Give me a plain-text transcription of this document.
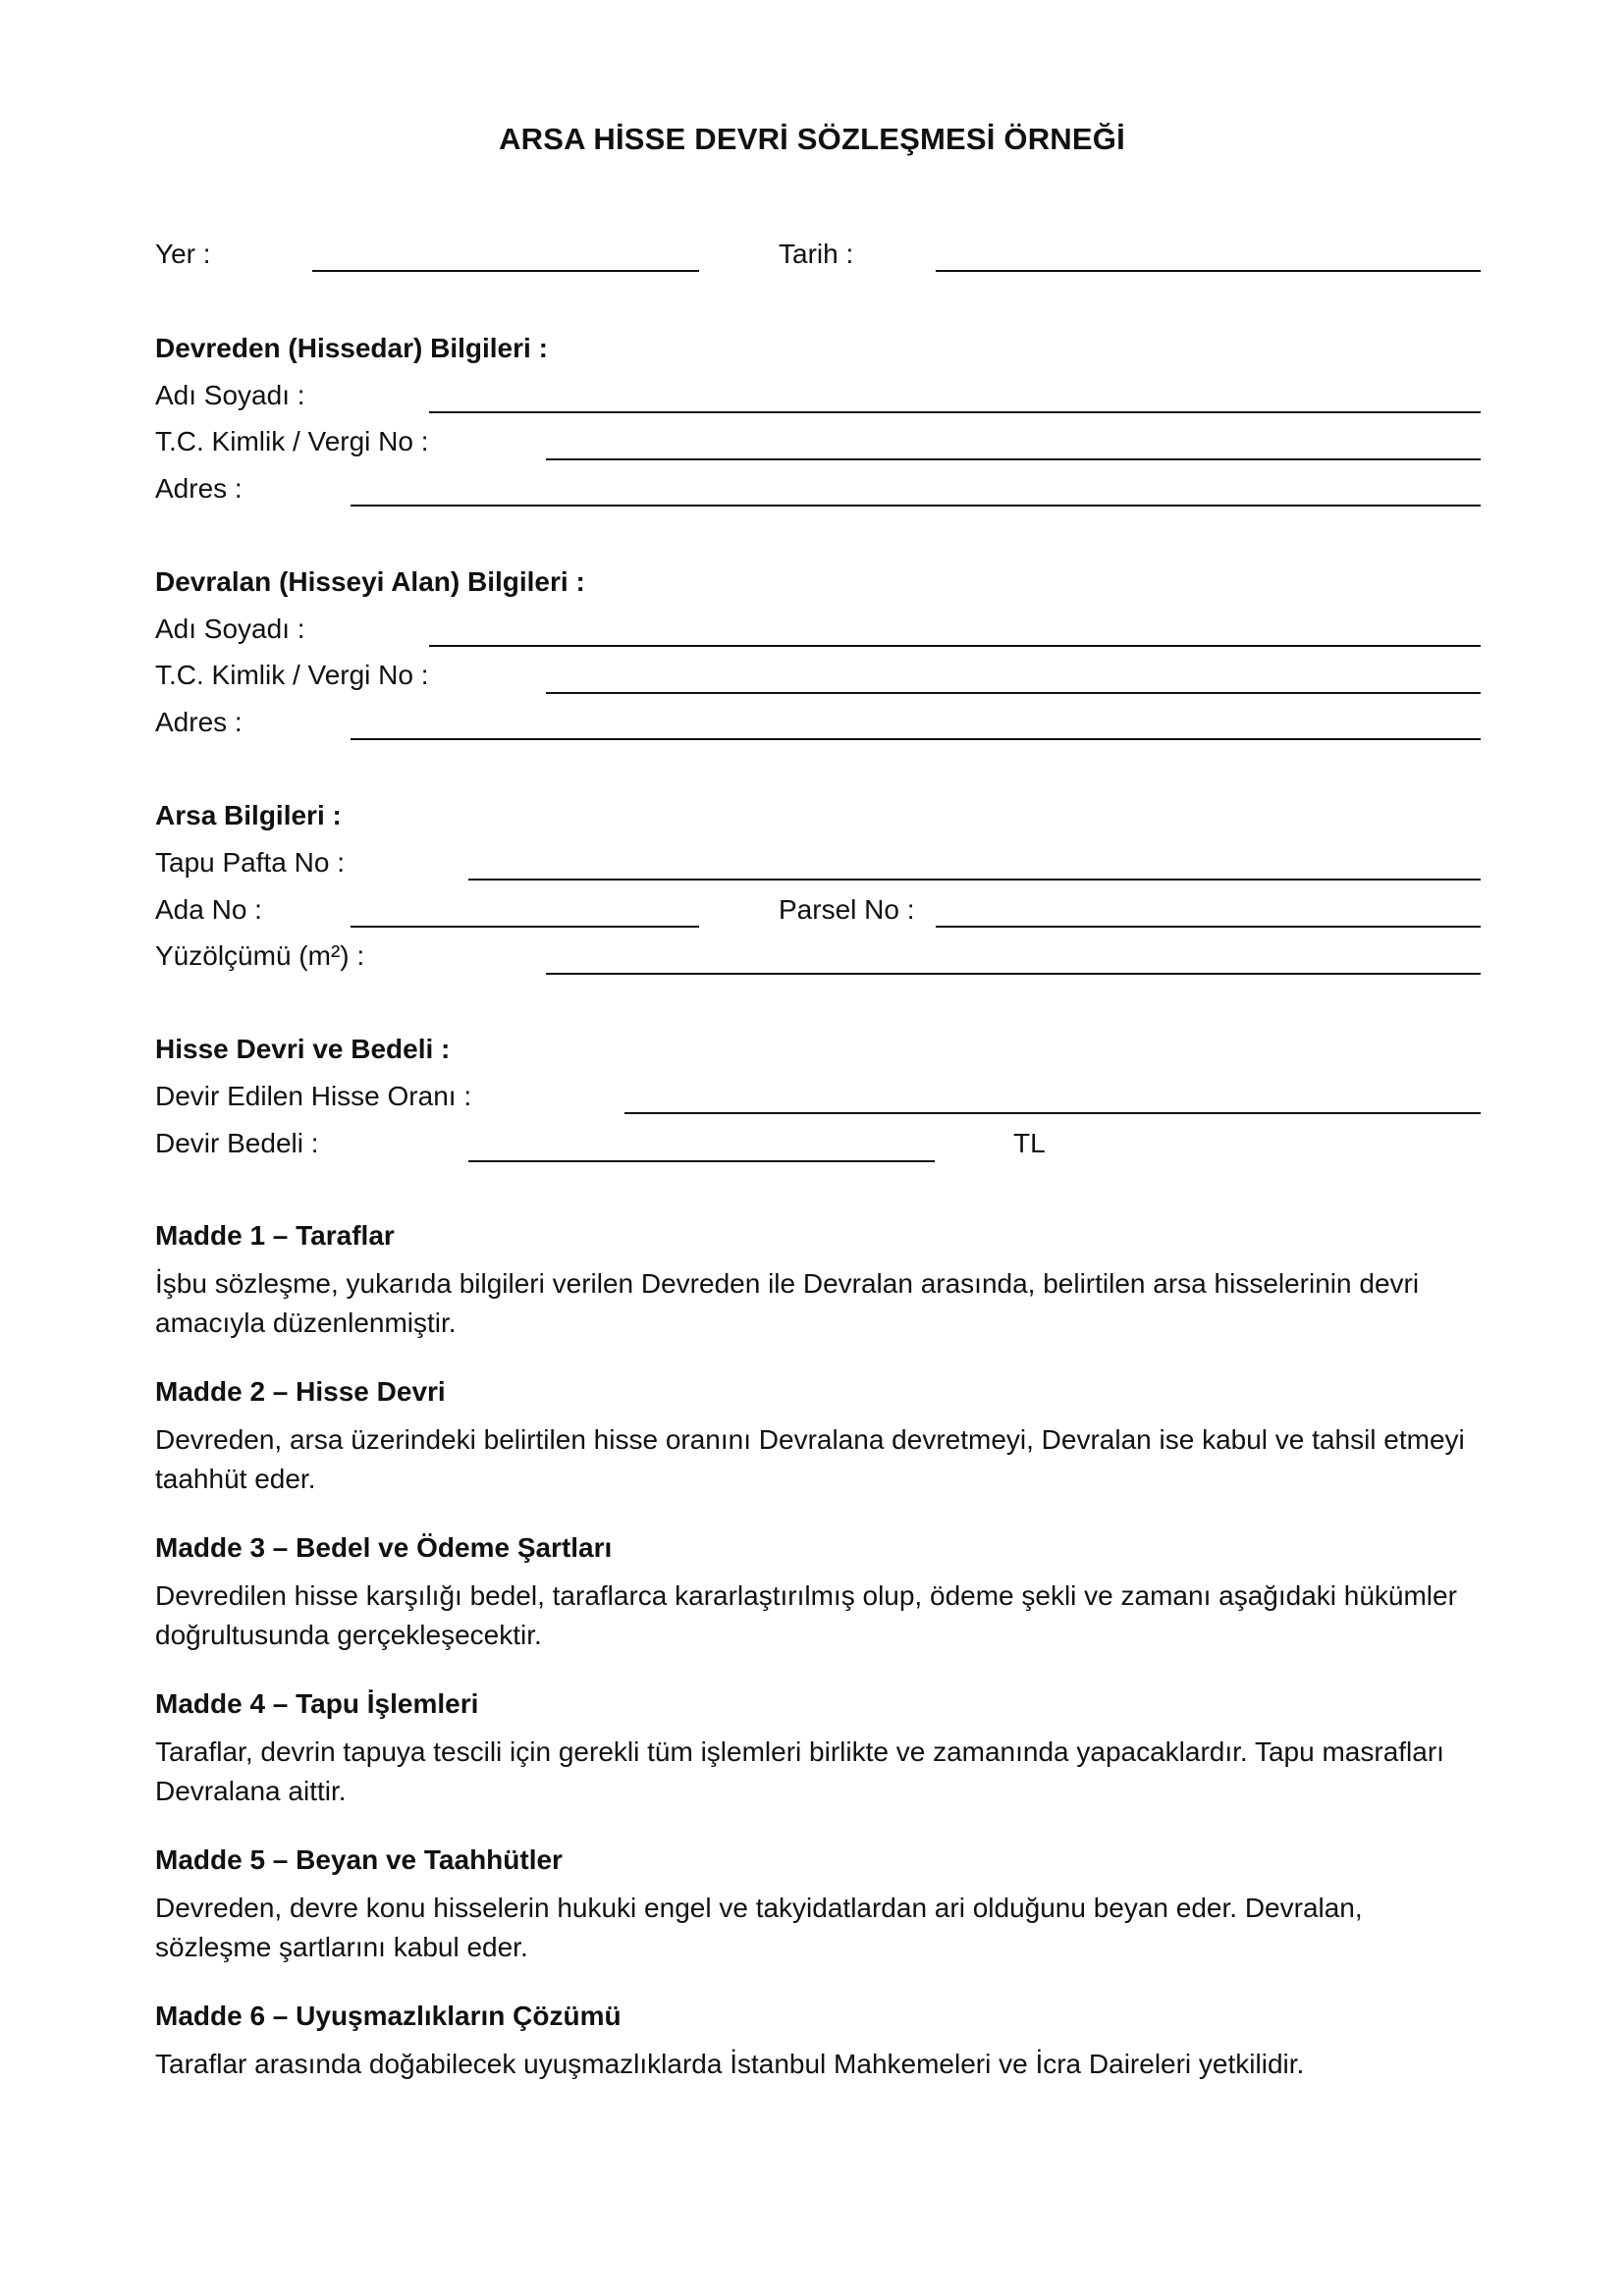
ARSA HİSSE DEVRİ SÖZLEŞMESİ ÖRNEĞİ
Yer :	Tarih :
Devreden (Hissedar) Bilgileri :
Adı Soyadı :
T.C. Kimlik / Vergi No :
Adres :
Devralan (Hisseyi Alan) Bilgileri :
Adı Soyadı :
T.C. Kimlik / Vergi No :
Adres :
Arsa Bilgileri :
Tapu Pafta No :
Ada No :	Parsel No :
Yüzölçümü (m²) :
Hisse Devri ve Bedeli :
Devir Edilen Hisse Oranı :
Devir Bedeli :	TL
Madde 1 – Taraflar
İşbu sözleşme, yukarıda bilgileri verilen Devreden ile Devralan arasında, belirtilen arsa hisselerinin devri
amacıyla düzenlenmiştir.
Madde 2 – Hisse Devri
Devreden, arsa üzerindeki belirtilen hisse oranını Devralana devretmeyi, Devralan ise kabul ve tahsil etmeyi
taahhüt eder.
Madde 3 – Bedel ve Ödeme Şartları
Devredilen hisse karşılığı bedel, taraflarca kararlaştırılmış olup, ödeme şekli ve zamanı aşağıdaki hükümler
doğrultusunda gerçekleşecektir.
Madde 4 – Tapu İşlemleri
Taraflar, devrin tapuya tescili için gerekli tüm işlemleri birlikte ve zamanında yapacaklardır. Tapu masrafları
Devralana aittir.
Madde 5 – Beyan ve Taahhütler
Devreden, devre konu hisselerin hukuki engel ve takyidatlardan ari olduğunu beyan eder. Devralan,
sözleşme şartlarını kabul eder.
Madde 6 – Uyuşmazlıkların Çözümü
Taraflar arasında doğabilecek uyuşmazlıklarda İstanbul Mahkemeleri ve İcra Daireleri yetkilidir.
